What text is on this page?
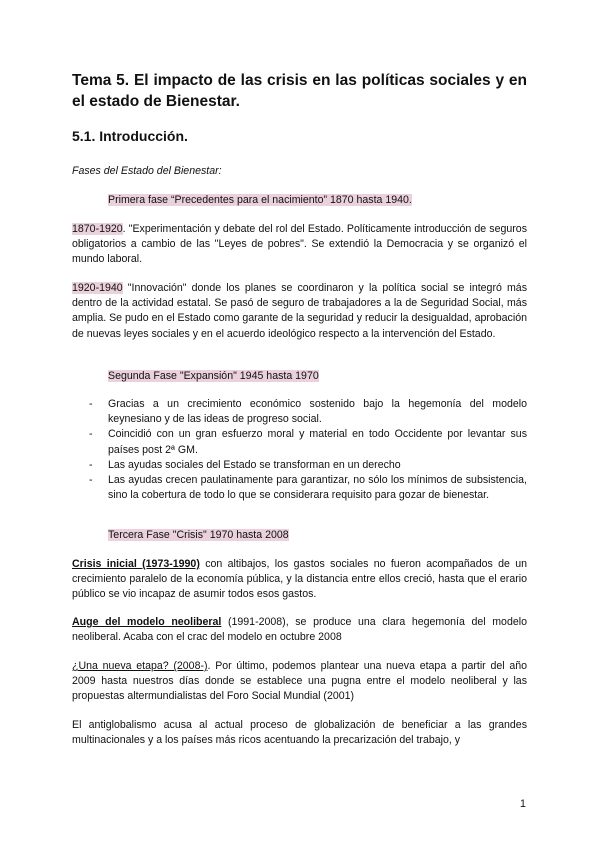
Tema 5. El impacto de las crisis en las políticas sociales y en el estado de Bienestar.
5.1. Introducción.

Fases del Estado del Bienestar:

Primera fase “Precedentes para el nacimiento” 1870 hasta 1940.

1870-1920. "Experimentación y debate del rol del Estado. Políticamente introducción de seguros obligatorios a cambio de las "Leyes de pobres". Se extendió la Democracia y se organizó el mundo laboral.

1920-1940 "Innovación" donde los planes se coordinaron y la política social se integró más dentro de la actividad estatal. Se pasó de seguro de trabajadores a la de Seguridad Social, más amplia. Se pudo en el Estado como garante de la seguridad y reducir la desigualdad, aprobación de nuevas leyes sociales y en el acuerdo ideológico respecto a la intervención del Estado.

Segunda Fase "Expansión" 1945 hasta 1970

- Gracias a un crecimiento económico sostenido bajo la hegemonía del modelo keynesiano y de las ideas de progreso social.
- Coincidió con un gran esfuerzo moral y material en todo Occidente por levantar sus países post 2ª GM.
- Las ayudas sociales del Estado se transforman en un derecho
- Las ayudas crecen paulatinamente para garantizar, no sólo los mínimos de subsistencia, sino la cobertura de todo lo que se considerara requisito para gozar de bienestar.

Tercera Fase "Crisis" 1970 hasta 2008

Crisis inicial (1973-1990) con altibajos, los gastos sociales no fueron acompañados de un crecimiento paralelo de la economía pública, y la distancia entre ellos creció, hasta que el erario público se vio incapaz de asumir todos esos gastos.

Auge del modelo neoliberal (1991-2008), se produce una clara hegemonía del modelo neoliberal. Acaba con el crac del modelo en octubre 2008

¿Una nueva etapa? (2008-). Por último, podemos plantear una nueva etapa a partir del año 2009 hasta nuestros días donde se establece una pugna entre el modelo neoliberal y las propuestas altermundialistas del Foro Social Mundial (2001)

El antiglobalismo acusa al actual proceso de globalización de beneficiar a las grandes multinacionales y a los países más ricos acentuando la precarización del trabajo, y

1
